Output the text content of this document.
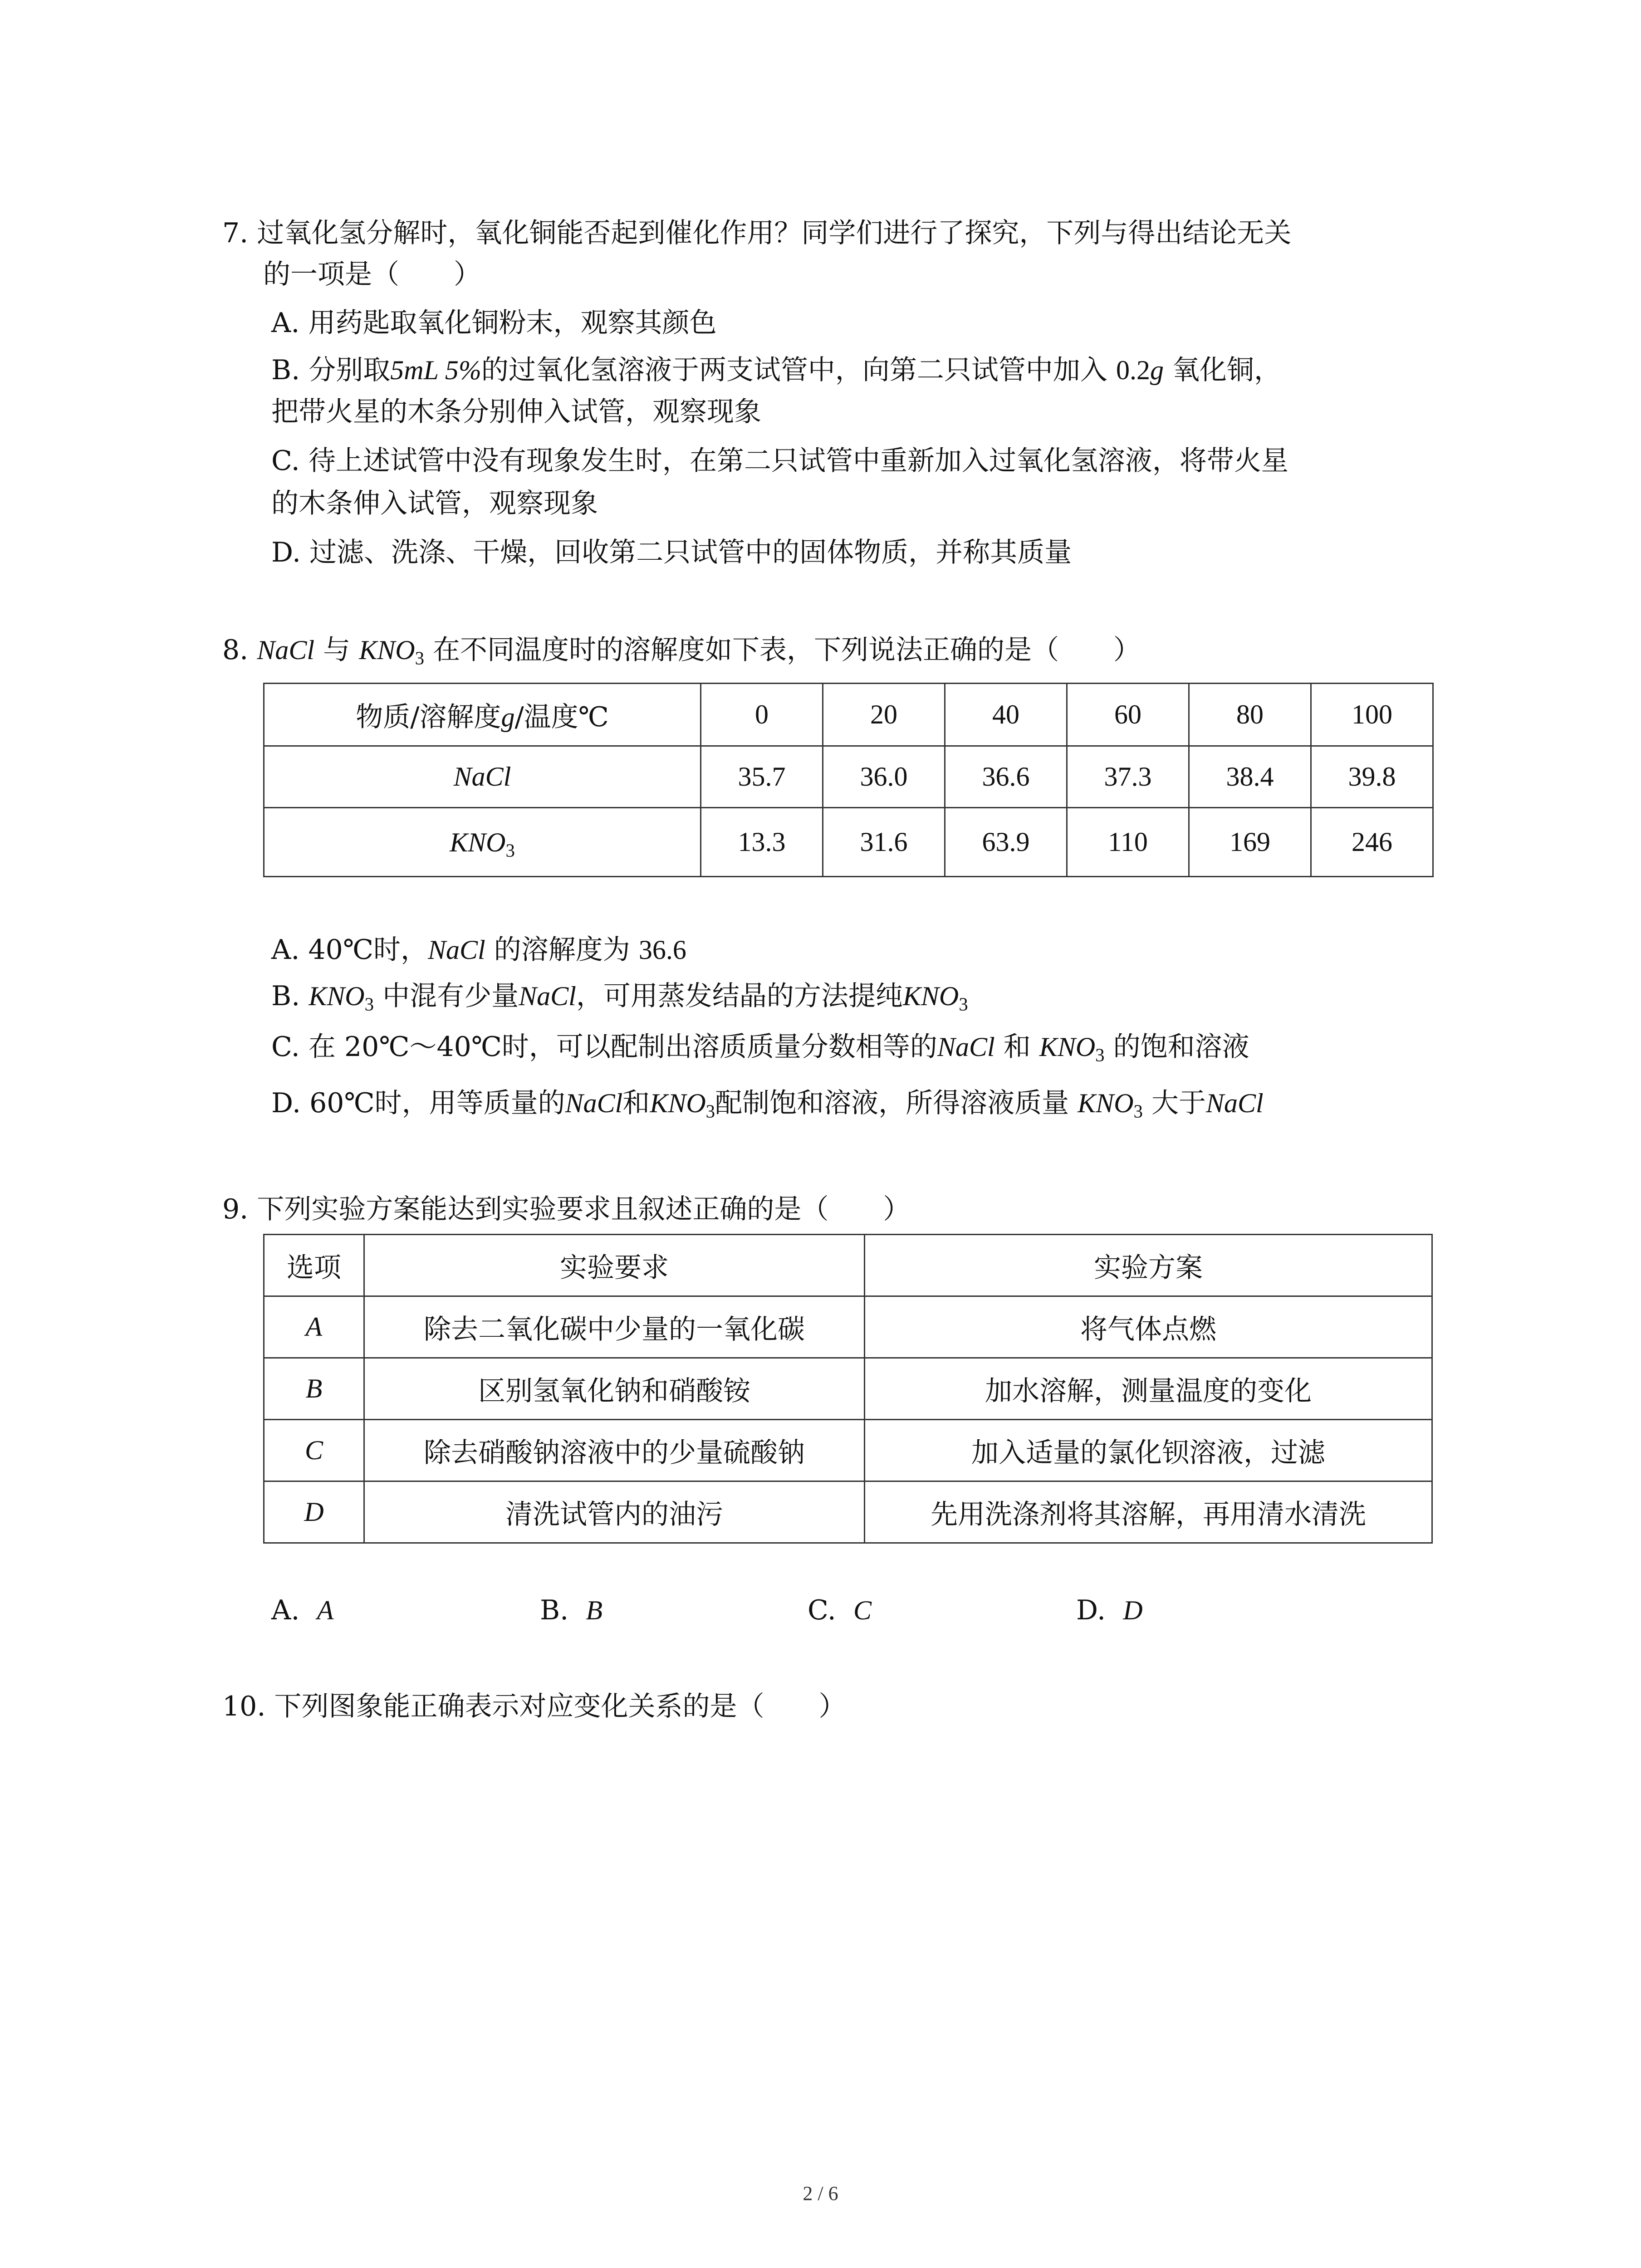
7. 过氧化氢分解时，氧化铜能否起到催化作用？同学们进行了探究，下列与得出结论无关
的一项是（　　）
A. 用药匙取氧化铜粉末，观察其颜色
B. 分别取5mL 5%的过氧化氢溶液于两支试管中，向第二只试管中加入 0.2g 氧化铜，
把带火星的木条分别伸入试管，观察现象
C. 待上述试管中没有现象发生时，在第二只试管中重新加入过氧化氢溶液，将带火星
的木条伸入试管，观察现象
D. 过滤、洗涤、干燥，回收第二只试管中的固体物质，并称其质量
8. NaCl 与 $KNO_3$ 在不同温度时的溶解度如下表，下列说法正确的是（　　）
物质/溶解度g/温度℃	0	20	40	60	80	100
NaCl	35.7	36.0	36.6	37.3	38.4	39.8
$KNO_3$	13.3	31.6	63.9	110	169	246
A. 40℃时，NaCl 的溶解度为 36.6
B. $KNO_3$ 中混有少量NaCl，可用蒸发结晶的方法提纯$KNO_3$
C. 在 20℃～40℃时，可以配制出溶质质量分数相等的NaCl 和 $KNO_3$ 的饱和溶液
D. 60℃时，用等质量的NaCl和$KNO_3$配制饱和溶液，所得溶液质量 $KNO_3$ 大于NaCl
9. 下列实验方案能达到实验要求且叙述正确的是（　　）
选项	实验要求	实验方案
A	除去二氧化碳中少量的一氧化碳	将气体点燃
B	区别氢氧化钠和硝酸铵	加水溶解，测量温度的变化
C	除去硝酸钠溶液中的少量硫酸钠	加入适量的氯化钡溶液，过滤
D	清洗试管内的油污	先用洗涤剂将其溶解，再用清水清洗
A. A	B. B	C. C	D. D
10. 下列图象能正确表示对应变化关系的是（　　）
2 / 6
